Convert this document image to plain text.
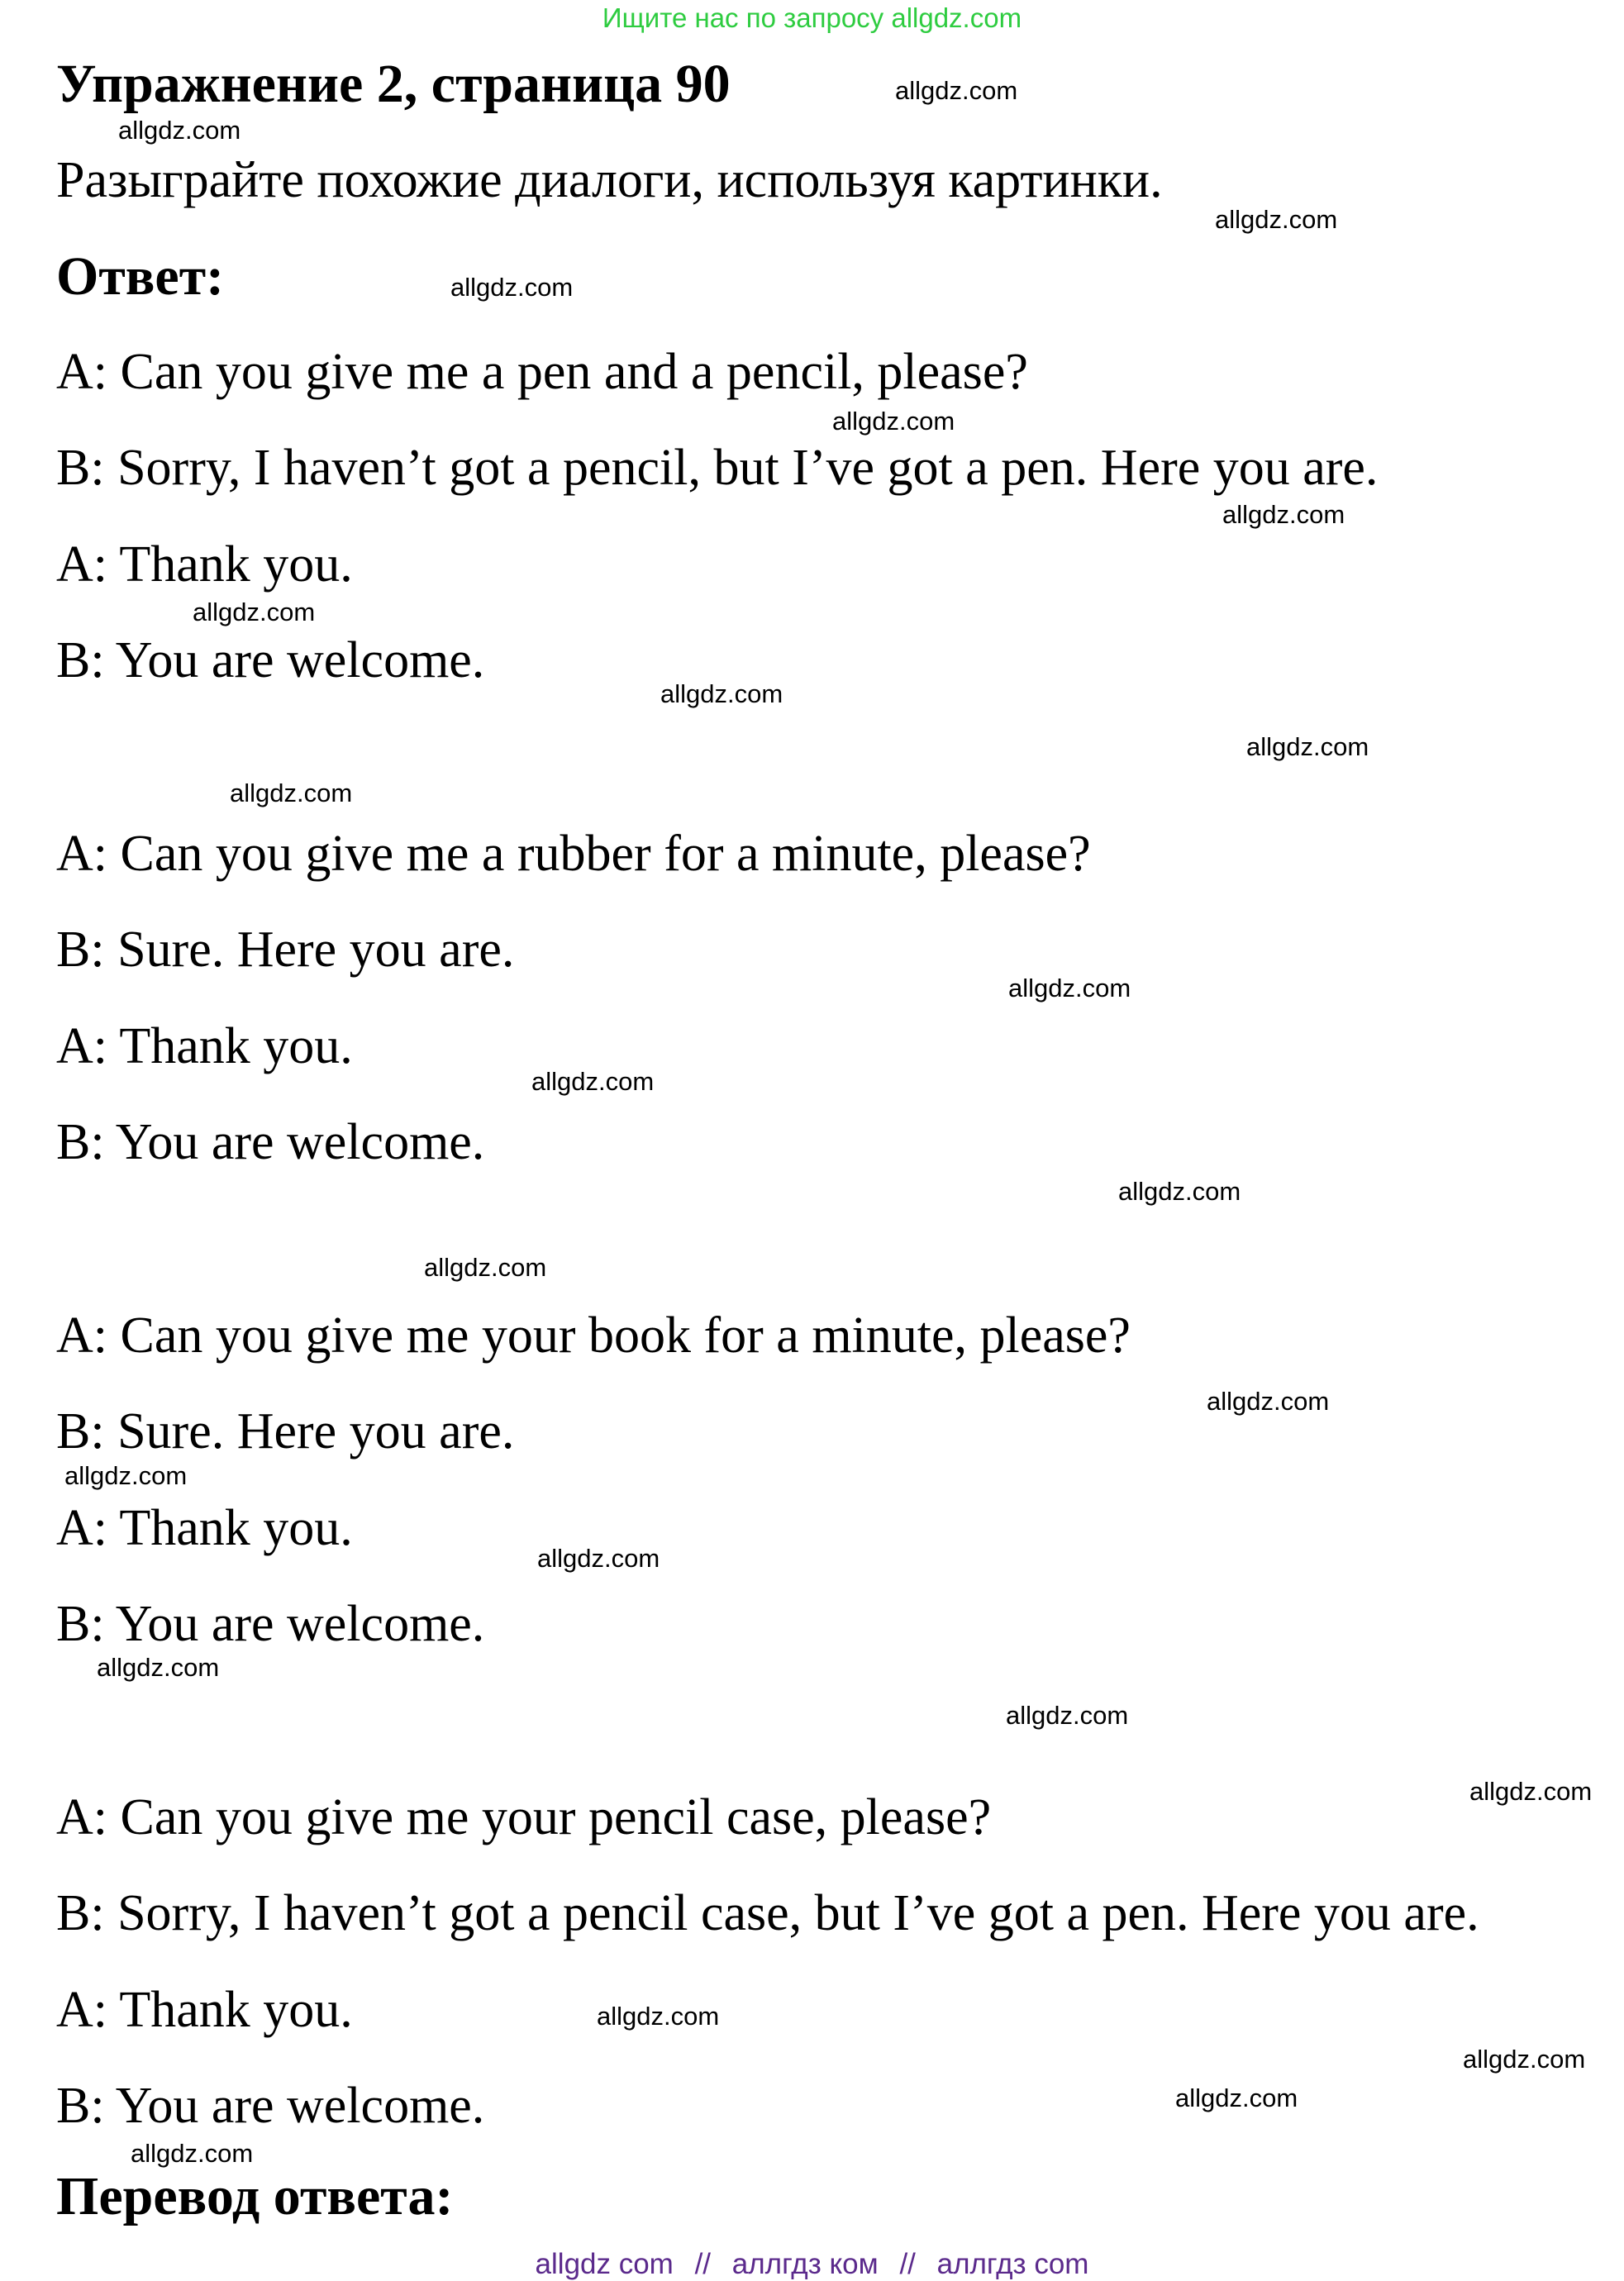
Ищите нас по запросу allgdz.com
Упражнение 2, страница 90
Разыграйте похожие диалоги, используя картинки.
Ответ:
A: Can you give me a pen and a pencil, please?
B: Sorry, I haven’t got a pencil, but I’ve got a pen. Here you are.
A: Thank you.
B: You are welcome.
A: Can you give me a rubber for a minute, please?
B: Sure. Here you are.
A: Thank you.
B: You are welcome.
A: Can you give me your book for a minute, please?
B: Sure. Here you are.
A: Thank you.
B: You are welcome.
A: Can you give me your pencil case, please?
B: Sorry, I haven’t got a pencil case, but I’ve got a pen. Here you are.
A: Thank you.
B: You are welcome.
Перевод ответа:
allgdz.com
allgdz.com
allgdz.com
allgdz.com
allgdz.com
allgdz.com
allgdz.com
allgdz.com
allgdz.com
allgdz.com
allgdz.com
allgdz.com
allgdz.com
allgdz.com
allgdz.com
allgdz.com
allgdz.com
allgdz.com
allgdz.com
allgdz.com
allgdz.com
allgdz.com
allgdz.com
allgdz.com
allgdz com // аллгдз ком // аллгдз com
